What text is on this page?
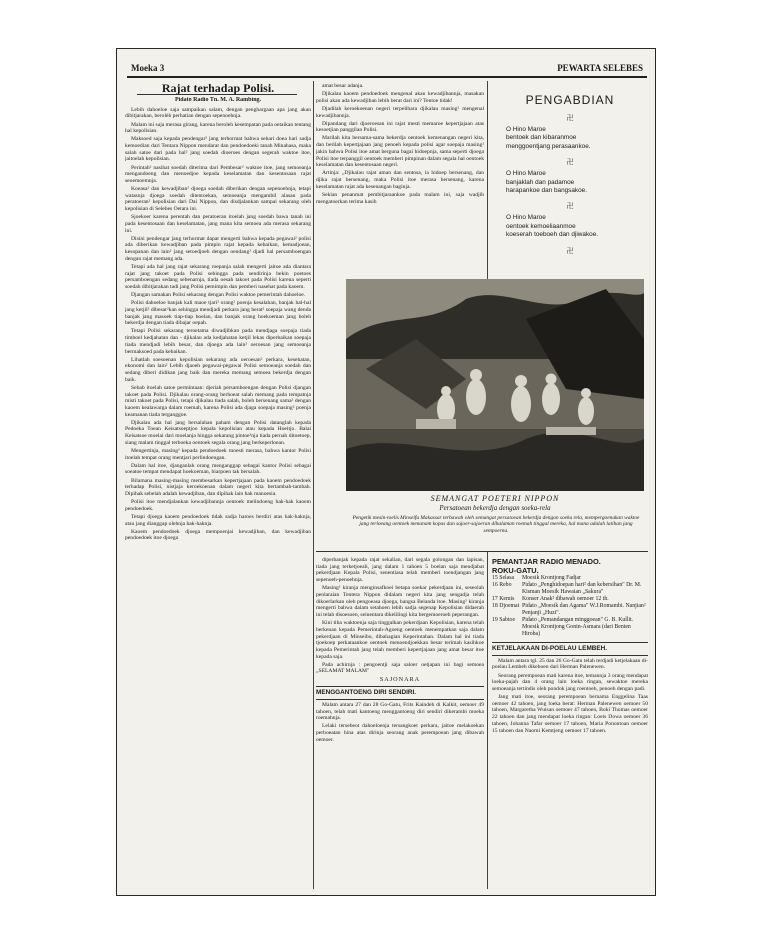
Moeka 3	PEWARTA SELEBES
Rajat terhadap Polisi.
Pidato Radio Tn. M. A. Rambing.

Lebih dahoeloe saja sampaikan salam, dengan penghargaan apa jang akan dibitjarakan, berolèh perhatian dengan sepenoehnja.

Malam ini saja merasa girang, karena beroleh kesempatan pada oetaikan tentang hal kepolisian.

Maksoed saja kepada pendengar² jang terhormat bahwa sehari doea hari sadja kemoedian dari Tentara Nippon mendarat dan pendoedoeki tanah Minahasa, maka salah satoe dari pada hal² jang soedah dioeroes dengan segerah waktoe itoe, jaitoelah kepolisian.

Perintah² nasihat soedah diterima dari Pembesar² waktoe itoe, jang semoeanja mengandoeng dan menoedjoe kepada keselamatan dan kesentosaan rajat seoemoemnja.

Koeasa² dan kewadjiban² djoega soedah diberikan dengan sepenoehnja, tetapi watasnja djoega soedah ditentoekan, semoeanja mengambil alasan pada peratoeran² kepolisian dari Dai Nippon, dan disdjalankan sampai sekarang oleh kepolisian di Selebes Oetara ini.

Sjoekoer karena perentah dan peratoeran itoelah jang soedah bawa tanah ini pada kesentosaan dan keselamatan, jang mana kita semoea ada merasa sekarang ini.

Disini pendengar jang terhormat dapat mengerti bahwa kepada pegawai² polisi ada diberikan kewadjiban pada pimpin rajat kepada kebaikan, kemadjoean, kesopanan dan lain² jang setoedjoeh dengan oendang² djadi hal persamboengan dengan rajat memang ada.

Tetapi ada hal jang rajat sekarang roepanja salah mengerti jaitoe ada diantara rajat jang takoet pada Polisi sehingga pada sendirinja bekin poetoes persamboengan sedang sebenarnja, tiada oesah takoet pada Polisi karena seperti soedah dibitjarakan tadi jang Polisi pemimpin dan pemberi nasehat pada kaoem.

Djangan samakan Polisi sekarang dengan Polisi waktoe pemerintah dahoeloe.

Polisi dahoeloe banjak kali maoe tjari² orang² poenja kesalahan, banjak hal-hal jang ketjil² dibesar²kan sehingga mendjadi perkara jang berat² soepaja wang denda banjak jang masoek tiap-tiap boelan, dan banjak orang hoekoeman jang boleh bekerdja dengan tiada dibajar oepah.

Tetapi Polisi sekarang teroetama diwadjibkan pada mendjaga soepaja tiada timboel kedjahatan dan - djikalau ada kedjahatan ketjil lekas diperbaikan soepaja tiada mendjadi lebih besar, dan djoega ada lain² oeroesan jang semoeanja bermaksoed pada kebaikan.

Lihatlah soesoenan kepolisian sekarang ada oeroesan² perkara, kesehatan, ekonomi dan lain² Lebih djaoeh pegawai-pegawai Polisi semoeanja soedah dan sedang diberi didikan jang baik dan mereka memang semoea bekerdja dengan baik.

Sebab itoelah satoe permintaan: djeriah persamboengan dengan Polisi djangan takoet pada Polisi. Djikalau orang-orang berhoeat salah memang pada tempatnja misti takoet pada Polisi, tetapi djikalau tiada salah, boleh bersenang sama² dengan kaoem kealawarga dalam roemah, karena Polisi ada djaga soepaja masing² poenja keamanan tiada terganggoe.

Djikalau ada hal jang bersalahan paham dengan Polisi datanglah kepada Pedoeka Toean Keisatsoeptjoo kepala kepolisian atau kepada Hoeitjo. Balai Keisatsoe moelai dari moelanja hingga sekarang pintoe²nja tiada pernah ditoetoep, siang malam tinggal terboeka oentoek segala orang jang berkeperloean.

Mengertinja, masing² kepada pendoedoek moesti merasa, bahwa kantor Polisi itoelah tempat orang mentjari perlindoengan.

Dalam hal itoe, djanganlah orang menganggap sebagai kantor Polisi sebagai soeatoe tempat mendapat hoekoeman, biarpoen tak bersalah.

Bilamana masing-masing membesarkan kepertjajaan pada kaoem pendoedoek terhadap Polisi, nistjaja keroekoenan dalam negeri kita bertambah-tambah. Dipihak sebelah adalah kewadjiban, dan dipihak lain hak manoesia.

Polisi itoe mendjalankan kewadjibannja oentoek melindoeng hak-hak kaoem pendoedoek.

Tetapi djoega kaoem pendoedoek tidak sadja haroes berdiri atas hak-haknja, atau jang dianggap olehnja hak-haknja.

Kaoem pendoedoek djoega mempoenjai kewadjiban, dan kewadjiban pendoedoek itoe djoega

amat besar adanja.

Djikalau kaoem pendoedoek mengenal akan kewadjibannja, masakan polisi akan ada kewadjiban lebih berat dari ini? Tentoe tidak!

Djadilah keroekoenan negeri terpelihara djikalau masing² mengenal kewadjibannja.

Dipandang dari djoeroesan ini rajat mesti memaroe kepertjajaan atas kesoetjian panggilan Polisi.

Marilah kita bersama-sama bekerdja oentoek kemenangan negeri kita, dan berilah kepertjajaan jang penoeh kepada polisi agar soepaja masing² jakin bahwa Polisi itoe amat berguna bagai hidoepnja, sama seperti djoega Polisi itoe terpanggil oentoek memberi pimpinan dalam segala hal oentoek keselamatan dan kesentosaan negeri.

Artinja: „Djikalau rajat aman dan sentosa, ia hidoep bersenang, dan djika rajat bersenang, maka Polisi itoe merasa bersenang, karena keselamatan rajat ada kesenangan baginja.

Sekian penanmat pembitjaraankoe pada malam ini, saja wadjib mengatoerkan terima kasih

PENGABDIAN
卍
O Hino Maroe
bentoek dan kibaranmoe
menggoentjang perasaankoe.
卍
O Hino Maroe
banjaklah dan padamoe
harapankoe dan bangsakoe.
卍
O Hino Maroe
oentoek kemoeliaanmoe
koeserah toeboeh dan djiwakoe.
卍
SEMANGAT POETERI NIPPON
Persatoean bekerdja dengan soeka-rela
Pengetik mesin-toelis Minseifu Makassar terbawah oleh semangat persatoean bekerdja dengan soeka rela, mempergoenakan waktoe jang terloeang oentoek menanam kopas dan sajoer-sajoeran dihalaman roemah tinggal mereka, hal mana adalah latihan jang sempoerna.

diperbanjak kepada rajat sekalian, dari segala golongan dan lapisan, tiada jang terketjoeali, jang dalam 1 tahoen 5 boelan saja mendjabat pekerdjaan Kepala Polisi, senentiasa telah memberi toendjangan jang sepenoeh-penoehnja.

Masing² kiranja menginsafkoei betapa soekar pekerdjaan ini, seseolah penlaraian Tentera Nippon didalam negeri kita jang sengadja telah dikoerlarkan oleh pengoeasa djoega, bangsa Belanda itoe. Masing² kiranja mengerti bahwa dalam setahoen lebih sadja segenap Kepolisian didaerah ini telah disoesoen, seinentara dikelilingi kita bergemoeroeh peperangan.

Kini tiba waktoenja saja tinggalkan pekerdjaan Kepolisian, karena telah berkenan kepada Pemerintah-Agoeng oentoek menempatkan saja dalam pekerdjaan di Minseibu, dibahagian Keperintahan. Dalam hal ini tiada tjoekoep perkataankoe oentoek menoendjoekkan besar terimah kasihkoe kepada Pemerintah jang telah memberi kepertjajaan jang amat besar itoe kepada saja.

Pada achirnja : pengoentji saja saloer oetjapan ini bagi semoea „SELAMAT MALAM"

SAJONARA
MENGGANTOENG DIRI SENDIRI.

Malam antara 27 dan 28 Go-Gatu, Frits Kaindeh di Kalkit, oemoer 49 tahoen, telah mati kantoeng menggantoeng diri sendiri dikerambi moeka roemahnja.

Lelaki tersebeot dahoeloenja tersangkoet perkara, jaitoe melakoekan perboeatan hina atas dirinja seorang anak perempoean jang dibawah oemoer.

PEMANTJAR RADIO MENADO.
ROKU-GATU.
15 Selasa	Moesik Krontjong Fadjar
16 Rebo	Pidato „Penghidoepan hari² dan kebersihan" Dr. M. Kisman Moesik Hawaian „Sakura"
17 Kemis	Konser Anak² dibawah oemoer 12 th.
18 Djoemat Pidato „Moesik dan Agama" W.J.Romambi. Nanjian² Penjanji „Huzi".
19 Sabtoe	Pidato „Pemandangan minggoean" G. B. Kullit. Moesik Krontjong Gonin-Asmara (dari Benten Hiroba)
KETJELAKAAN DI-POELAU LEMBEH.

Malam antara tgl. 25 dan 26 Go-Gatu telah terdjadi ketjelakaan di-poelau Lembeh dikeboen dari Herman Palenewen.

Seorang perempoean mati karena itoe, temannja 3 orang mendapat loeka-pajah dan 4 orang lain loeka ringan, sewaktoe mereka semoeanja tertindis oleh pondok jang roentoeh, penoeh dengan padi.

Jang mati itoe, seorang perempoean bernama Enggelina Taas oemoer 42 tahoen, jang loeka berat: Herman Palenewen oemoer 50 tahoen, Margaretha Wuisan oemoer 47 tahoen, Boki Thomas oemoer 22 tahoen dan jang mendapat loeka ringan: Loeis Dowa oemoer 36 tahoen, Johanna Tafar oemoer 17 tahoen, Maria Ponontoan oemoer 15 tahoen dan Naomi Kemtjeng oemoer 17 tahoen.
